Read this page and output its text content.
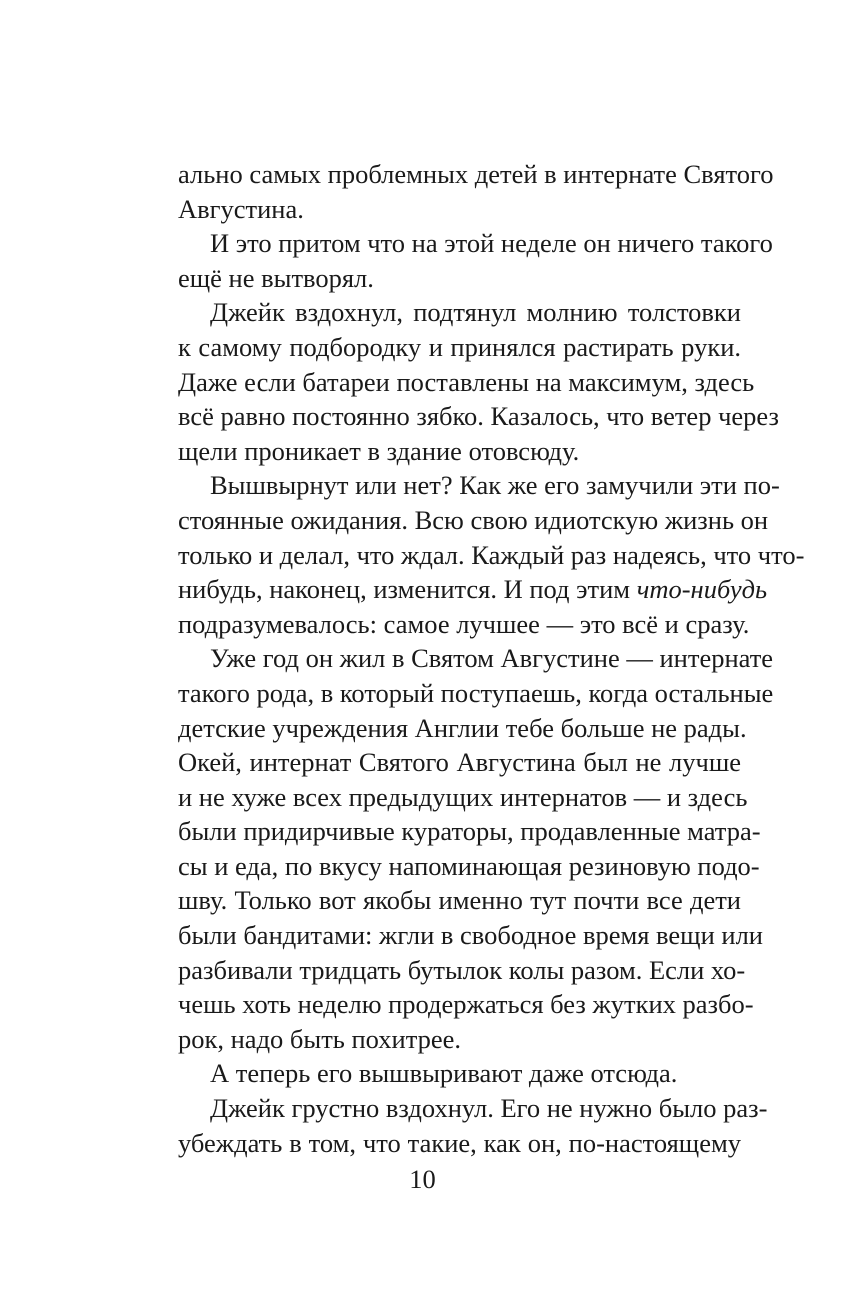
ально самых проблемных детей в интернате Святого
Августина.
И это притом что на этой неделе он ничего такого
ещё не вытворял.
Джейк вздохнул, подтянул молнию толстовки
к самому подбородку и принялся растирать руки.
Даже если батареи поставлены на максимум, здесь
всё равно постоянно зябко. Казалось, что ветер через
щели проникает в здание отовсюду.
Вышвырнут или нет? Как же его замучили эти по-
стоянные ожидания. Всю свою идиотскую жизнь он
только и делал, что ждал. Каждый раз надеясь, что что-
нибудь, наконец, изменится. И под этим что-нибудь
подразумевалось: самое лучшее — это всё и сразу.
Уже год он жил в Святом Августине — интернате
такого рода, в который поступаешь, когда остальные
детские учреждения Англии тебе больше не рады.
Окей, интернат Святого Августина был не лучше
и не хуже всех предыдущих интернатов — и здесь
были придирчивые кураторы, продавленные матра-
сы и еда, по вкусу напоминающая резиновую подо-
шву. Только вот якобы именно тут почти все дети
были бандитами: жгли в свободное время вещи или
разбивали тридцать бутылок колы разом. Если хо-
чешь хоть неделю продержаться без жутких разбо-
рок, надо быть похитрее.
А теперь его вышвыривают даже отсюда.
Джейк грустно вздохнул. Его не нужно было раз-
убеждать в том, что такие, как он, по-настоящему
10
